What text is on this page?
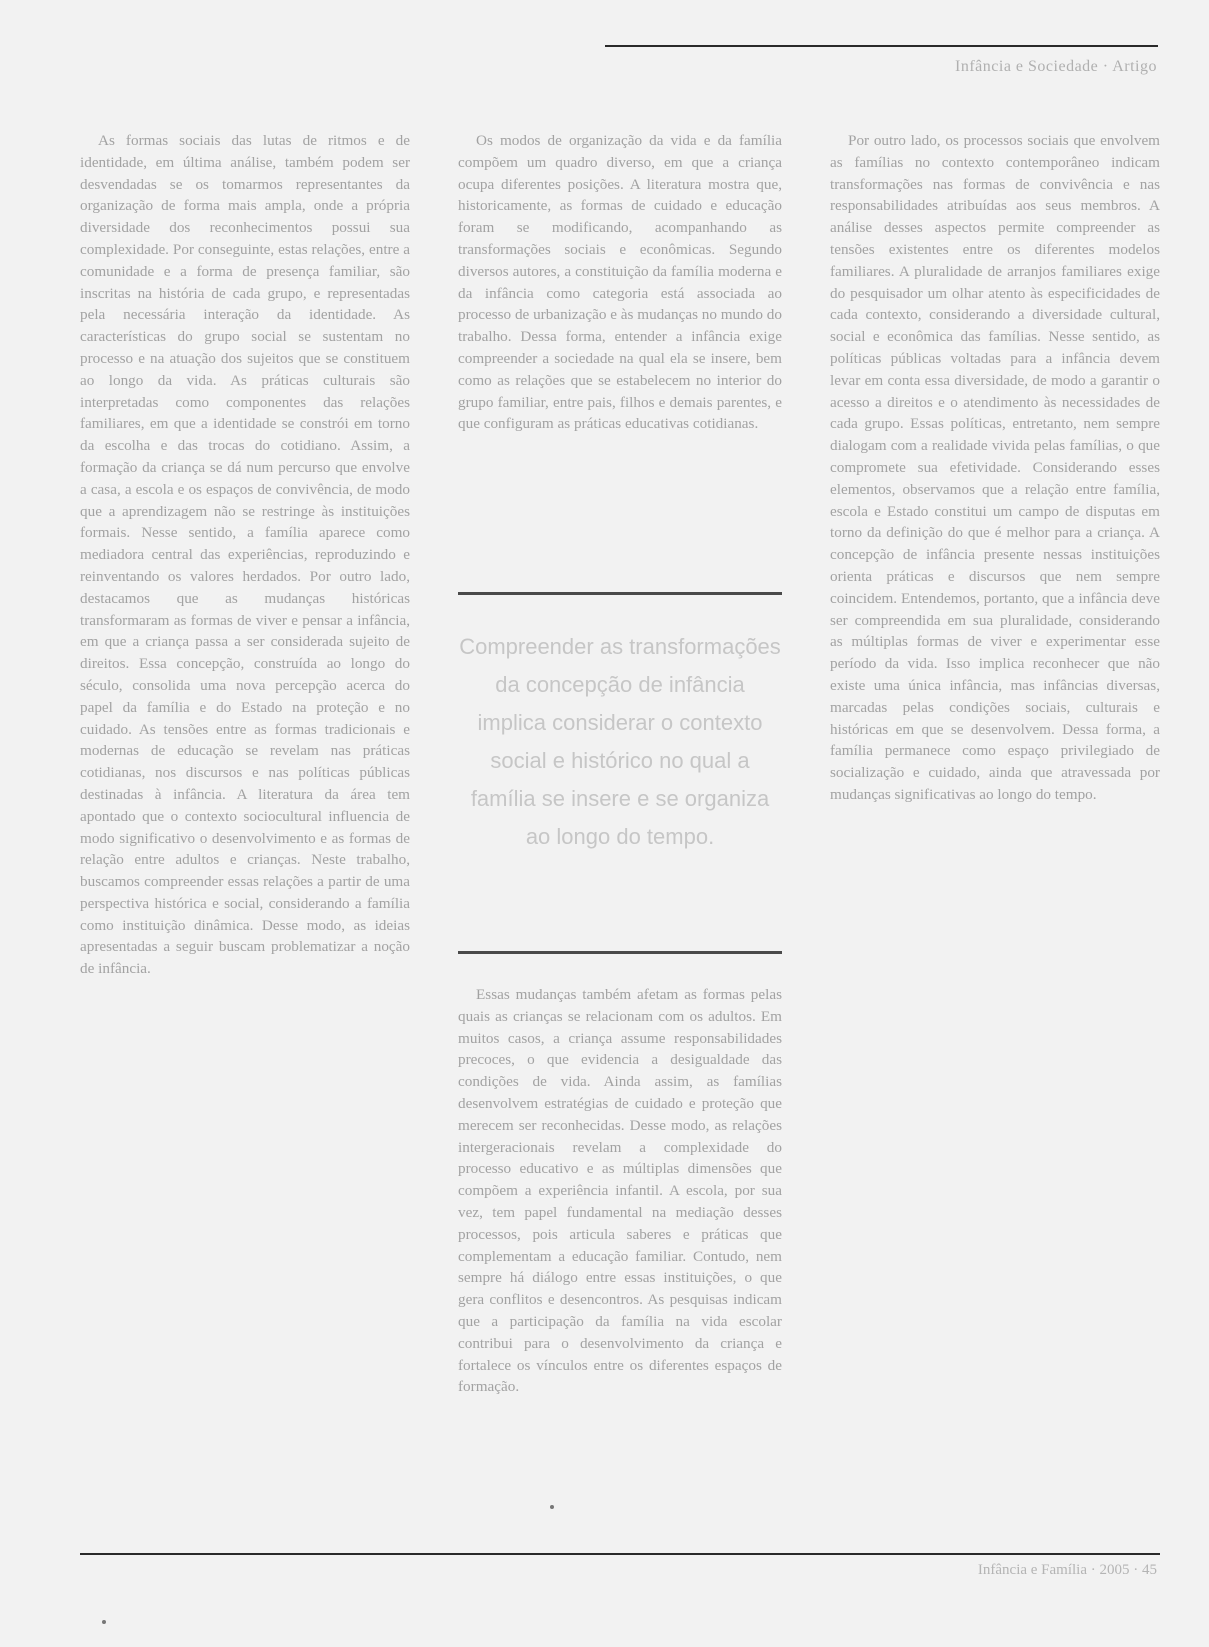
Infância e Sociedade · Artigo

As formas sociais das lutas de ritmos e de identidade, em última análise, também podem ser desvendadas se os tomarmos representantes da organização de forma mais ampla, onde a própria diversidade dos reconhecimentos possui sua complexidade. Por conseguinte, estas relações, entre a comunidade e a forma de presença familiar, são inscritas na história de cada grupo, e representadas pela necessária interação da identidade. As características do grupo social se sustentam no processo e na atuação dos sujeitos que se constituem ao longo da vida. As práticas culturais são interpretadas como componentes das relações familiares, em que a identidade se constrói em torno da escolha e das trocas do cotidiano. Assim, a formação da criança se dá num percurso que envolve a casa, a escola e os espaços de convivência, de modo que a aprendizagem não se restringe às instituições formais. Nesse sentido, a família aparece como mediadora central das experiências, reproduzindo e reinventando os valores herdados. Por outro lado, destacamos que as mudanças históricas transformaram as formas de viver e pensar a infância, em que a criança passa a ser considerada sujeito de direitos. Essa concepção, construída ao longo do século, consolida uma nova percepção acerca do papel da família e do Estado na proteção e no cuidado. As tensões entre as formas tradicionais e modernas de educação se revelam nas práticas cotidianas, nos discursos e nas políticas públicas destinadas à infância. A literatura da área tem apontado que o contexto sociocultural influencia de modo significativo o desenvolvimento e as formas de relação entre adultos e crianças. Neste trabalho, buscamos compreender essas relações a partir de uma perspectiva histórica e social, considerando a família como instituição dinâmica. Desse modo, as ideias apresentadas a seguir buscam problematizar a noção de infância.

Os modos de organização da vida e da família compõem um quadro diverso, em que a criança ocupa diferentes posições. A literatura mostra que, historicamente, as formas de cuidado e educação foram se modificando, acompanhando as transformações sociais e econômicas. Segundo diversos autores, a constituição da família moderna e da infância como categoria está associada ao processo de urbanização e às mudanças no mundo do trabalho. Dessa forma, entender a infância exige compreender a sociedade na qual ela se insere, bem como as relações que se estabelecem no interior do grupo familiar, entre pais, filhos e demais parentes, e que configuram as práticas educativas cotidianas.

Compreender as transformações da concepção de infância implica considerar o contexto social e histórico no qual a família se insere e se organiza ao longo do tempo.

Essas mudanças também afetam as formas pelas quais as crianças se relacionam com os adultos. Em muitos casos, a criança assume responsabilidades precoces, o que evidencia a desigualdade das condições de vida. Ainda assim, as famílias desenvolvem estratégias de cuidado e proteção que merecem ser reconhecidas. Desse modo, as relações intergeracionais revelam a complexidade do processo educativo e as múltiplas dimensões que compõem a experiência infantil. A escola, por sua vez, tem papel fundamental na mediação desses processos, pois articula saberes e práticas que complementam a educação familiar. Contudo, nem sempre há diálogo entre essas instituições, o que gera conflitos e desencontros. As pesquisas indicam que a participação da família na vida escolar contribui para o desenvolvimento da criança e fortalece os vínculos entre os diferentes espaços de formação.

Por outro lado, os processos sociais que envolvem as famílias no contexto contemporâneo indicam transformações nas formas de convivência e nas responsabilidades atribuídas aos seus membros. A análise desses aspectos permite compreender as tensões existentes entre os diferentes modelos familiares. A pluralidade de arranjos familiares exige do pesquisador um olhar atento às especificidades de cada contexto, considerando a diversidade cultural, social e econômica das famílias. Nesse sentido, as políticas públicas voltadas para a infância devem levar em conta essa diversidade, de modo a garantir o acesso a direitos e o atendimento às necessidades de cada grupo. Essas políticas, entretanto, nem sempre dialogam com a realidade vivida pelas famílias, o que compromete sua efetividade. Considerando esses elementos, observamos que a relação entre família, escola e Estado constitui um campo de disputas em torno da definição do que é melhor para a criança. A concepção de infância presente nessas instituições orienta práticas e discursos que nem sempre coincidem. Entendemos, portanto, que a infância deve ser compreendida em sua pluralidade, considerando as múltiplas formas de viver e experimentar esse período da vida. Isso implica reconhecer que não existe uma única infância, mas infâncias diversas, marcadas pelas condições sociais, culturais e históricas em que se desenvolvem. Dessa forma, a família permanece como espaço privilegiado de socialização e cuidado, ainda que atravessada por mudanças significativas ao longo do tempo.

Infância e Família · 2005 · 45
